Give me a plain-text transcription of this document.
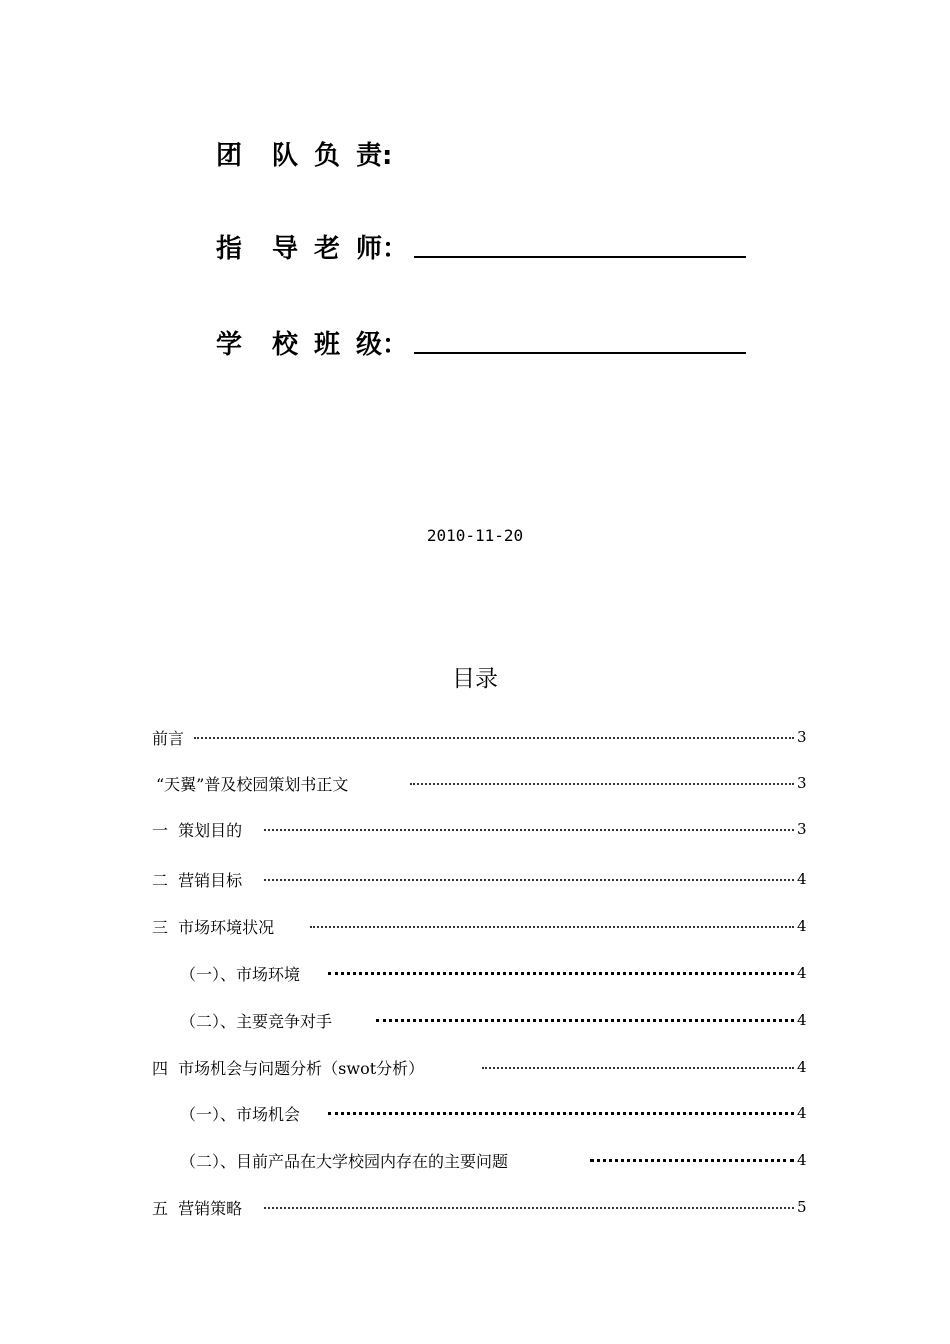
团 队 负 责:
指 导 老 师：
学 校 班 级：
2010-11-20
目录
前言	3
“天翼”普及校园策划书正文	3
一  策划目的	3
二  营销目标	4
三  市场环境状况	4
（一）、市场环境	4
（二）、主要竞争对手	4
四  市场机会与问题分析（swot分析）	4
（一）、市场机会	4
（二）、目前产品在大学校园内存在的主要问题	4
五  营销策略	5
